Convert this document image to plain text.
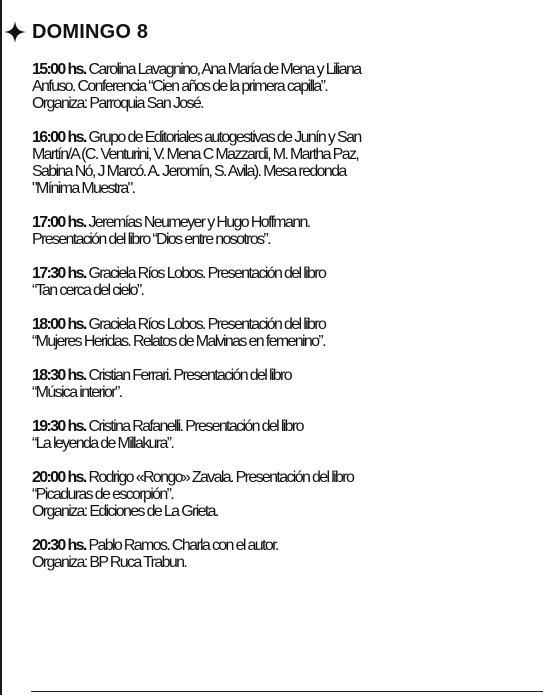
DOMINGO 8
15:00 hs. Carolina Lavagnino, Ana María de Mena y Liliana
Anfuso. Conferencia “Cien años de la primera capilla”.
Organiza: Parroquia San José.
16:00 hs. Grupo de Editoriales autogestivas de Junín y San
Martín/A (C. Venturini, V. Mena C Mazzardi, M. Martha Paz,
Sabina Nó, J Marcó. A. Jeromín, S. Avila). Mesa redonda
"Mínima Muestra".
17:00 hs. Jeremías Neumeyer y Hugo Hoffmann.
Presentación del libro “Dios entre nosotros”.
17:30 hs. Graciela Ríos Lobos. Presentación del libro
“Tan cerca del cielo”.
18:00 hs. Graciela Ríos Lobos. Presentación del libro
“Mujeres Heridas. Relatos de Malvinas en femenino”.
18:30 hs. Cristian Ferrari. Presentación del libro
“Música interior”.
19:30 hs. Cristina Rafanelli. Presentación del libro
“La leyenda de Millakura”.
20:00 hs. Rodrigo «Rongo» Zavala. Presentación del libro
“Picaduras de escorpión”.
Organiza: Ediciones de La Grieta.
20:30 hs. Pablo Ramos. Charla con el autor.
Organiza: BP Ruca Trabun.
